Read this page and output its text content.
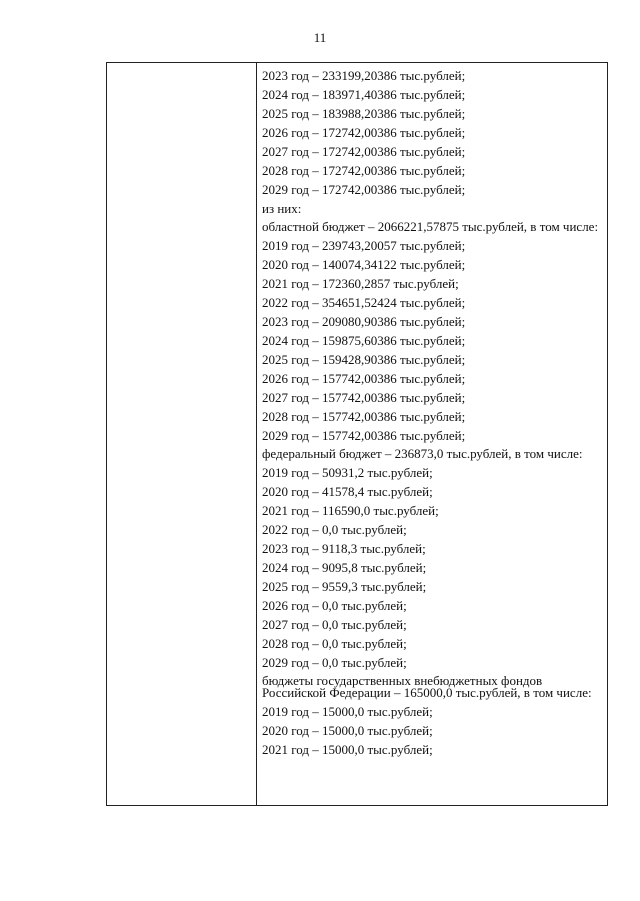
11
2023 год – 233199,20386 тыс.рублей;
2024 год – 183971,40386 тыс.рублей;
2025 год – 183988,20386 тыс.рублей;
2026 год – 172742,00386 тыс.рублей;
2027 год – 172742,00386 тыс.рублей;
2028 год – 172742,00386 тыс.рублей;
2029 год – 172742,00386 тыс.рублей;
из них:
областной бюджет – 2066221,57875 тыс.рублей, в том числе:
2019 год – 239743,20057 тыс.рублей;
2020 год – 140074,34122 тыс.рублей;
2021 год – 172360,2857 тыс.рублей;
2022 год – 354651,52424 тыс.рублей;
2023 год – 209080,90386 тыс.рублей;
2024 год – 159875,60386 тыс.рублей;
2025 год – 159428,90386 тыс.рублей;
2026 год – 157742,00386 тыс.рублей;
2027 год – 157742,00386 тыс.рублей;
2028 год – 157742,00386 тыс.рублей;
2029 год – 157742,00386 тыс.рублей;
федеральный бюджет – 236873,0 тыс.рублей, в том числе:
2019 год – 50931,2 тыс.рублей;
2020 год – 41578,4 тыс.рублей;
2021 год – 116590,0 тыс.рублей;
2022 год – 0,0 тыс.рублей;
2023 год – 9118,3 тыс.рублей;
2024 год – 9095,8 тыс.рублей;
2025 год – 9559,3 тыс.рублей;
2026 год – 0,0 тыс.рублей;
2027 год – 0,0 тыс.рублей;
2028 год – 0,0 тыс.рублей;
2029 год – 0,0 тыс.рублей;
бюджеты государственных внебюджетных фондов Российской Федерации – 165000,0 тыс.рублей, в том числе:
2019 год – 15000,0 тыс.рублей;
2020 год – 15000,0 тыс.рублей;
2021 год – 15000,0 тыс.рублей;
